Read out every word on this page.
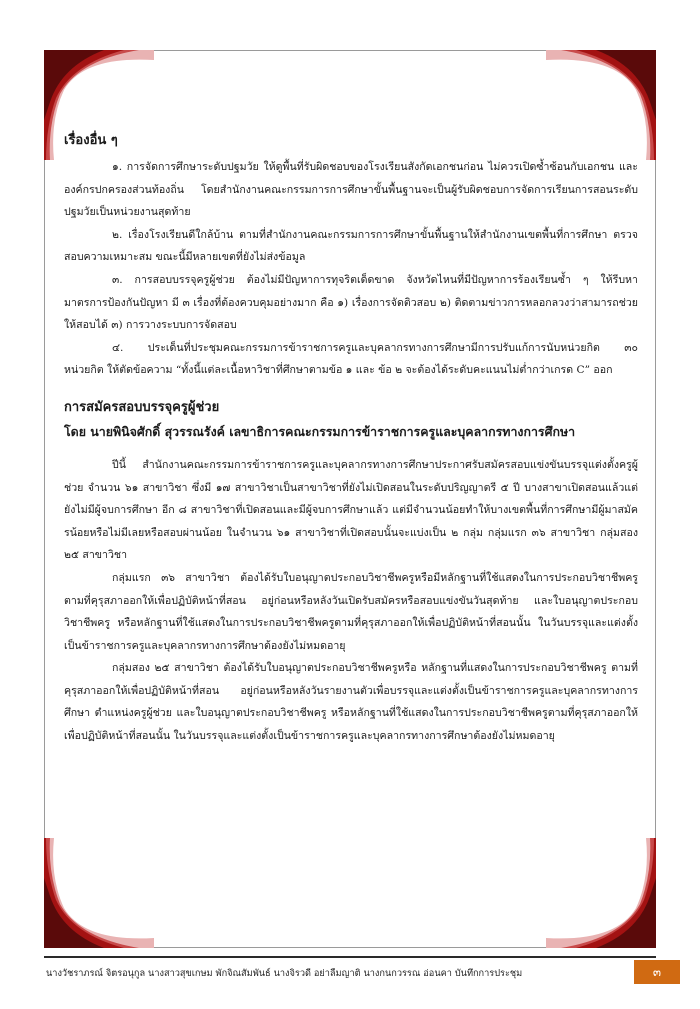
เรื่องอื่น ๆ

๑. การจัดการศึกษาระดับปฐมวัย ให้ดูพื้นที่รับผิดชอบของโรงเรียนสังกัดเอกชนก่อน ไม่ควรเปิดซ้ำซ้อนกับเอกชน และองค์กรปกครองส่วนท้องถิ่น โดยสำนักงานคณะกรรมการการศึกษาขั้นพื้นฐานจะเป็นผู้รับผิดชอบการจัดการเรียนการสอนระดับปฐมวัยเป็นหน่วยงานสุดท้าย

๒. เรื่องโรงเรียนดีใกล้บ้าน ตามที่สำนักงานคณะกรรมการการศึกษาขั้นพื้นฐานให้สำนักงานเขตพื้นที่การศึกษา ตรวจสอบความเหมาะสม ขณะนี้มีหลายเขตที่ยังไม่ส่งข้อมูล

๓. การสอบบรรจุครูผู้ช่วย ต้องไม่มีปัญหาการทุจริตเด็ดขาด จังหวัดไหนที่มีปัญหาการร้องเรียนซ้ำ ๆ ให้รีบหามาตรการป้องกันปัญหา มี ๓ เรื่องที่ต้องควบคุมอย่างมาก คือ ๑) เรื่องการจัดติวสอบ ๒) ติดตามข่าวการหลอกลวงว่าสามารถช่วยให้สอบได้ ๓) การวางระบบการจัดสอบ

๔. ประเด็นที่ประชุมคณะกรรมการข้าราชการครูและบุคลากรทางการศึกษามีการปรับแก้การนับหน่วยกิต ๓๐ หน่วยกิต ให้ตัดข้อความ “ทั้งนี้แต่ละเนื้อหาวิชาที่ศึกษาตามข้อ ๑ และ ข้อ ๒ จะต้องได้ระดับคะแนนไม่ต่ำกว่าเกรด C” ออก

การสมัครสอบบรรจุครูผู้ช่วย
โดย นายพินิจศักดิ์ สุวรรณรังค์ เลขาธิการคณะกรรมการข้าราชการครูและบุคลากรทางการศึกษา

ปีนี้ สำนักงานคณะกรรมการข้าราชการครูและบุคลากรทางการศึกษาประกาศรับสมัครสอบแข่งขันบรรจุแต่งตั้งครูผู้ช่วย จำนวน ๖๑ สาขาวิชา ซึ่งมี ๑๗ สาขาวิชาเป็นสาขาวิชาที่ยังไม่เปิดสอนในระดับปริญญาตรี ๕ ปี บางสาขาเปิดสอนแล้วแต่ยังไม่มีผู้จบการศึกษา อีก ๘ สาขาวิชาที่เปิดสอนและมีผู้จบการศึกษาแล้ว แต่มีจำนวนน้อยทำให้บางเขตพื้นที่การศึกษามีผู้มาสมัครน้อยหรือไม่มีเลยหรือสอบผ่านน้อย ในจำนวน ๖๑ สาขาวิชาที่เปิดสอบนั้นจะแบ่งเป็น ๒ กลุ่ม กลุ่มแรก ๓๖ สาขาวิชา กลุ่มสอง ๒๕ สาขาวิชา

กลุ่มแรก ๓๖ สาขาวิชา ต้องได้รับใบอนุญาตประกอบวิชาชีพครูหรือมีหลักฐานที่ใช้แสดงในการประกอบวิชาชีพครู ตามที่คุรุสภาออกให้เพื่อปฏิบัติหน้าที่สอน อยู่ก่อนหรือหลังวันเปิดรับสมัครหรือสอบแข่งขันวันสุดท้าย และใบอนุญาตประกอบวิชาชีพครู หรือหลักฐานที่ใช้แสดงในการประกอบวิชาชีพครูตามที่คุรุสภาออกให้เพื่อปฏิบัติหน้าที่สอนนั้น ในวันบรรจุและแต่งตั้งเป็นข้าราชการครูและบุคลากรทางการศึกษาต้องยังไม่หมดอายุ

กลุ่มสอง ๒๕ สาขาวิชา ต้องได้รับใบอนุญาตประกอบวิชาชีพครูหรือ หลักฐานที่แสดงในการประกอบวิชาชีพครู ตามที่คุรุสภาออกให้เพื่อปฏิบัติหน้าที่สอน อยู่ก่อนหรือหลังวันรายงานตัวเพื่อบรรจุและแต่งตั้งเป็นข้าราชการครูและบุคลากรทางการศึกษา ตำแหน่งครูผู้ช่วย และใบอนุญาตประกอบวิชาชีพครู หรือหลักฐานที่ใช้แสดงในการประกอบวิชาชีพครูตามที่คุรุสภาออกให้เพื่อปฏิบัติหน้าที่สอนนั้น ในวันบรรจุและแต่งตั้งเป็นข้าราชการครูและบุคลากรทางการศึกษาต้องยังไม่หมดอายุ

นางวัชราภรณ์ จิตรอนุกูล นางสาวสุขเกษม พักจิณสัมพันธ์ นางจิรวดี อย่าลืมญาติ นางกนกวรรณ อ่อนคา บันทึกการประชุม	๓
